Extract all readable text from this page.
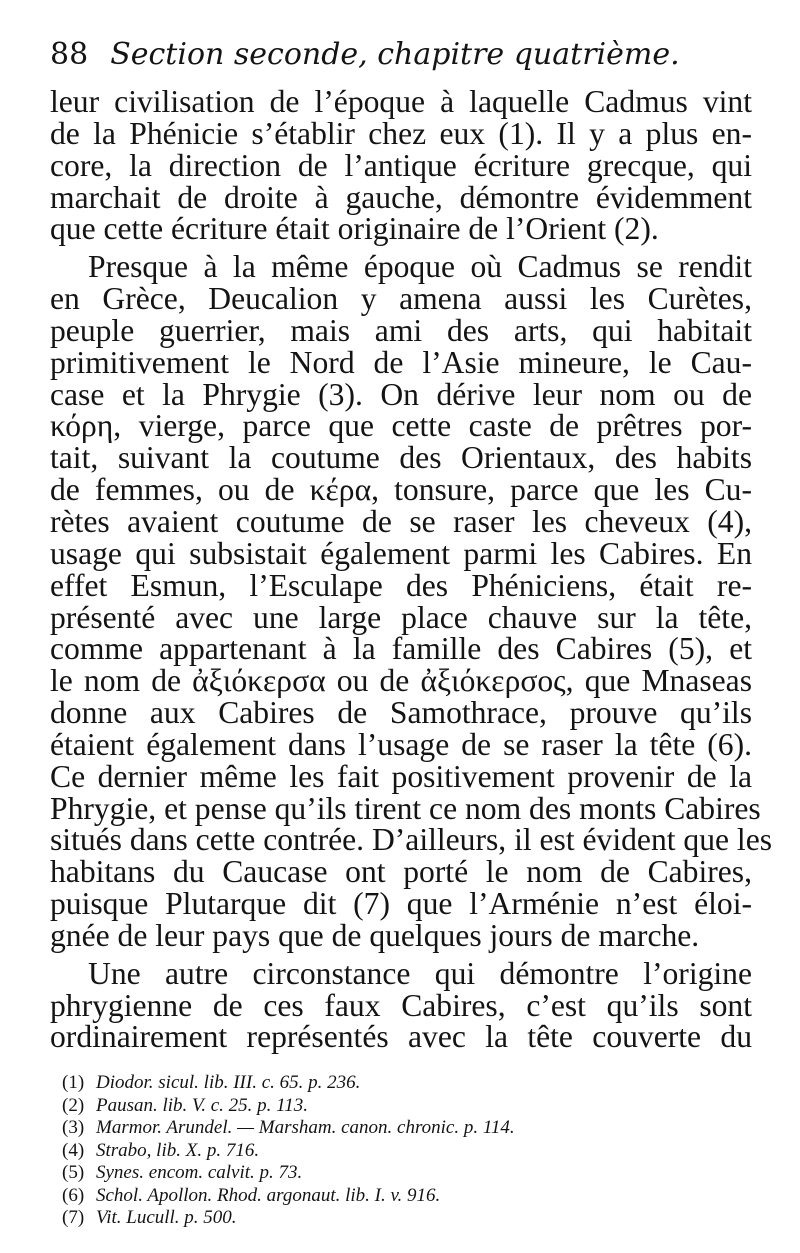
88 Section seconde, chapitre quatrième.
leur civilisation de l’époque à laquelle Cadmus vint
de la Phénicie s’établir chez eux (1). Il y a plus en-
core, la direction de l’antique écriture grecque, qui
marchait de droite à gauche, démontre évidemment
que cette écriture était originaire de l’Orient (2).
Presque à la même époque où Cadmus se rendit
en Grèce, Deucalion y amena aussi les Curètes,
peuple guerrier, mais ami des arts, qui habitait
primitivement le Nord de l’Asie mineure, le Cau-
case et la Phrygie (3). On dérive leur nom ou de
κόρη, vierge, parce que cette caste de prêtres por-
tait, suivant la coutume des Orientaux, des habits
de femmes, ou de κέρα, tonsure, parce que les Cu-
rètes avaient coutume de se raser les cheveux (4),
usage qui subsistait également parmi les Cabires. En
effet Esmun, l’Esculape des Phéniciens, était re-
présenté avec une large place chauve sur la tête,
comme appartenant à la famille des Cabires (5), et
le nom de ἀξιόκερσα ou de ἀξιόκερσος, que Mnaseas
donne aux Cabires de Samothrace, prouve qu’ils
étaient également dans l’usage de se raser la tête (6).
Ce dernier même les fait positivement provenir de la
Phrygie, et pense qu’ils tirent ce nom des monts Cabires
situés dans cette contrée. D’ailleurs, il est évident que les
habitans du Caucase ont porté le nom de Cabires,
puisque Plutarque dit (7) que l’Arménie n’est éloi-
gnée de leur pays que de quelques jours de marche.
Une autre circonstance qui démontre l’origine
phrygienne de ces faux Cabires, c’est qu’ils sont
ordinairement représentés avec la tête couverte du
(1) Diodor. sicul. lib. III. c. 65. p. 236.
(2) Pausan. lib. V. c. 25. p. 113.
(3) Marmor. Arundel. — Marsham. canon. chronic. p. 114.
(4) Strabo, lib. X. p. 716.
(5) Synes. encom. calvit. p. 73.
(6) Schol. Apollon. Rhod. argonaut. lib. I. v. 916.
(7) Vit. Lucull. p. 500.
